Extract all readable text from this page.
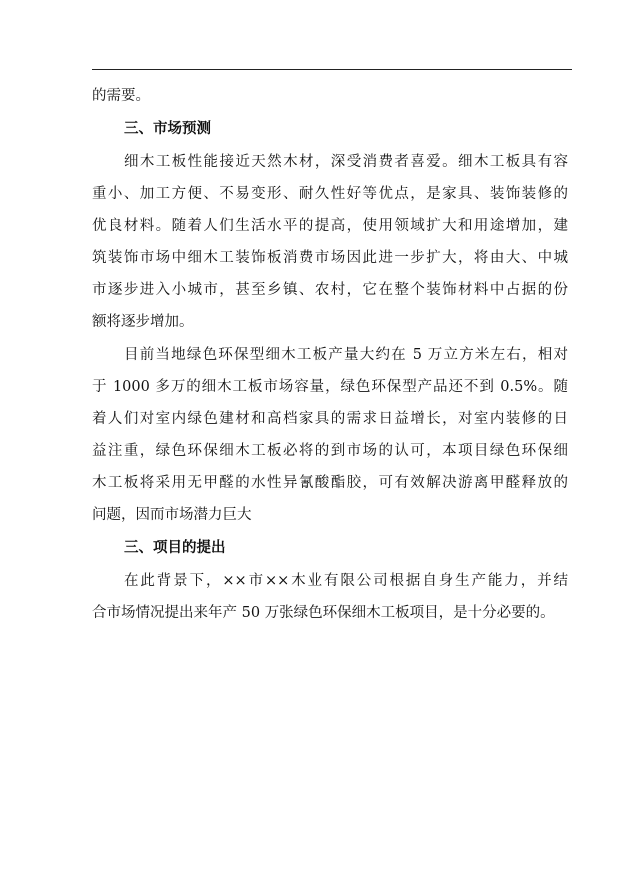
的需要。

三、市场预测

细木工板性能接近天然木材，深受消费者喜爱。细木工板具有容

重小、加工方便、不易变形、耐久性好等优点，是家具、装饰装修的

优良材料。随着人们生活水平的提高，使用领域扩大和用途增加，建

筑装饰市场中细木工装饰板消费市场因此进一步扩大，将由大、中城

市逐步进入小城市，甚至乡镇、农村，它在整个装饰材料中占据的份

额将逐步增加。

目前当地绿色环保型细木工板产量大约在 5 万立方米左右，相对

于 1000 多万的细木工板市场容量，绿色环保型产品还不到 0.5%。随

着人们对室内绿色建材和高档家具的需求日益增长，对室内装修的日

益注重，绿色环保细木工板必将的到市场的认可，本项目绿色环保细

木工板将采用无甲醛的水性异氰酸酯胶，可有效解决游离甲醛释放的

问题，因而市场潜力巨大

三、项目的提出

在此背景下，××市××木业有限公司根据自身生产能力，并结

合市场情况提出来年产 50 万张绿色环保细木工板项目，是十分必要的。
